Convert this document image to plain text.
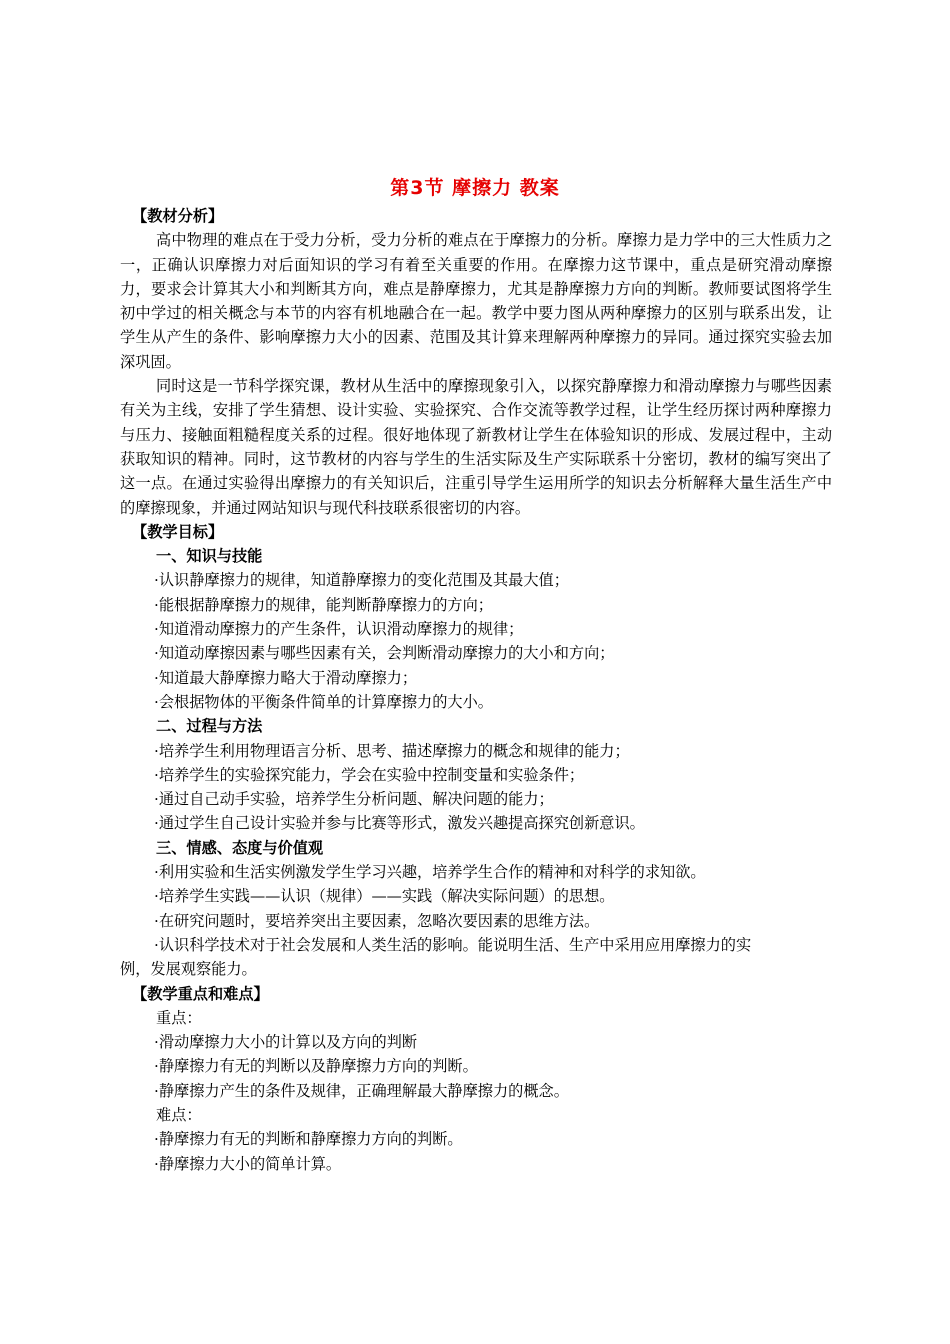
第3节 摩擦力 教案

【教材分析】

高中物理的难点在于受力分析，受力分析的难点在于摩擦力的分析。摩擦力是力学中的三大性质力之一，正确认识摩擦力对后面知识的学习有着至关重要的作用。在摩擦力这节课中，重点是研究滑动摩擦力，要求会计算其大小和判断其方向，难点是静摩擦力，尤其是静摩擦力方向的判断。教师要试图将学生初中学过的相关概念与本节的内容有机地融合在一起。教学中要力图从两种摩擦力的区别与联系出发，让学生从产生的条件、影响摩擦力大小的因素、范围及其计算来理解两种摩擦力的异同。通过探究实验去加深巩固。

同时这是一节科学探究课，教材从生活中的摩擦现象引入，以探究静摩擦力和滑动摩擦力与哪些因素有关为主线，安排了学生猜想、设计实验、实验探究、合作交流等教学过程，让学生经历探讨两种摩擦力与压力、接触面粗糙程度关系的过程。很好地体现了新教材让学生在体验知识的形成、发展过程中，主动获取知识的精神。同时，这节教材的内容与学生的生活实际及生产实际联系十分密切，教材的编写突出了这一点。在通过实验得出摩擦力的有关知识后，注重引导学生运用所学的知识去分析解释大量生活生产中的摩擦现象，并通过网站知识与现代科技联系很密切的内容。

【教学目标】

一、知识与技能

·认识静摩擦力的规律，知道静摩擦力的变化范围及其最大值；

·能根据静摩擦力的规律，能判断静摩擦力的方向；

·知道滑动摩擦力的产生条件，认识滑动摩擦力的规律；

·知道动摩擦因素与哪些因素有关，会判断滑动摩擦力的大小和方向；

·知道最大静摩擦力略大于滑动摩擦力；

·会根据物体的平衡条件简单的计算摩擦力的大小。

二、过程与方法

·培养学生利用物理语言分析、思考、描述摩擦力的概念和规律的能力；

·培养学生的实验探究能力，学会在实验中控制变量和实验条件；

·通过自己动手实验，培养学生分析问题、解决问题的能力；

·通过学生自己设计实验并参与比赛等形式，激发兴趣提高探究创新意识。

三、情感、态度与价值观

·利用实验和生活实例激发学生学习兴趣，培养学生合作的精神和对科学的求知欲。

·培养学生实践——认识（规律）——实践（解决实际问题）的思想。

·在研究问题时，要培养突出主要因素，忽略次要因素的思维方法。

·认识科学技术对于社会发展和人类生活的影响。能说明生活、生产中采用应用摩擦力的实

例，发展观察能力。

【教学重点和难点】

重点：

·滑动摩擦力大小的计算以及方向的判断

·静摩擦力有无的判断以及静摩擦力方向的判断。

·静摩擦力产生的条件及规律，正确理解最大静摩擦力的概念。

难点：

·静摩擦力有无的判断和静摩擦力方向的判断。

·静摩擦力大小的简单计算。
